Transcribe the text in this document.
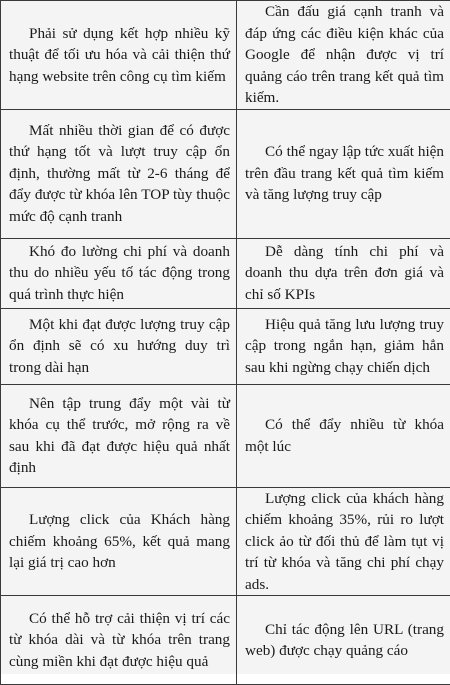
Phải sử dụng kết hợp nhiều kỹ thuật để tối ưu hóa và cải thiện thứ hạng website trên công cụ tìm kiếm	Cần đấu giá cạnh tranh và đáp ứng các điều kiện khác của Google để nhận được vị trí quảng cáo trên trang kết quả tìm kiếm.

Mất nhiều thời gian để có được thứ hạng tốt và lượt truy cập ổn định, thường mất từ 2-6 tháng để đẩy được từ khóa lên TOP tùy thuộc mức độ cạnh tranh	Có thể ngay lập tức xuất hiện trên đầu trang kết quả tìm kiếm và tăng lượng truy cập

Khó đo lường chi phí và doanh thu do nhiều yếu tố tác động trong quá trình thực hiện	Dễ dàng tính chi phí và doanh thu dựa trên đơn giá và chỉ số KPIs

Một khi đạt được lượng truy cập ổn định sẽ có xu hướng duy trì trong dài hạn	Hiệu quả tăng lưu lượng truy cập trong ngắn hạn, giảm hẳn sau khi ngừng chạy chiến dịch

Nên tập trung đẩy một vài từ khóa cụ thể trước, mở rộng ra về sau khi đã đạt được hiệu quả nhất định	Có thể đẩy nhiều từ khóa một lúc

Lượng click của Khách hàng chiếm khoảng 65%, kết quả mang lại giá trị cao hơn	Lượng click của khách hàng chiếm khoảng 35%, rủi ro lượt click ảo từ đối thủ để làm tụt vị trí từ khóa và tăng chi phí chạy ads.

Có thể hỗ trợ cải thiện vị trí các từ khóa dài và từ khóa trên trang cùng miền khi đạt được hiệu quả	Chỉ tác động lên URL (trang web) được chạy quảng cáo
